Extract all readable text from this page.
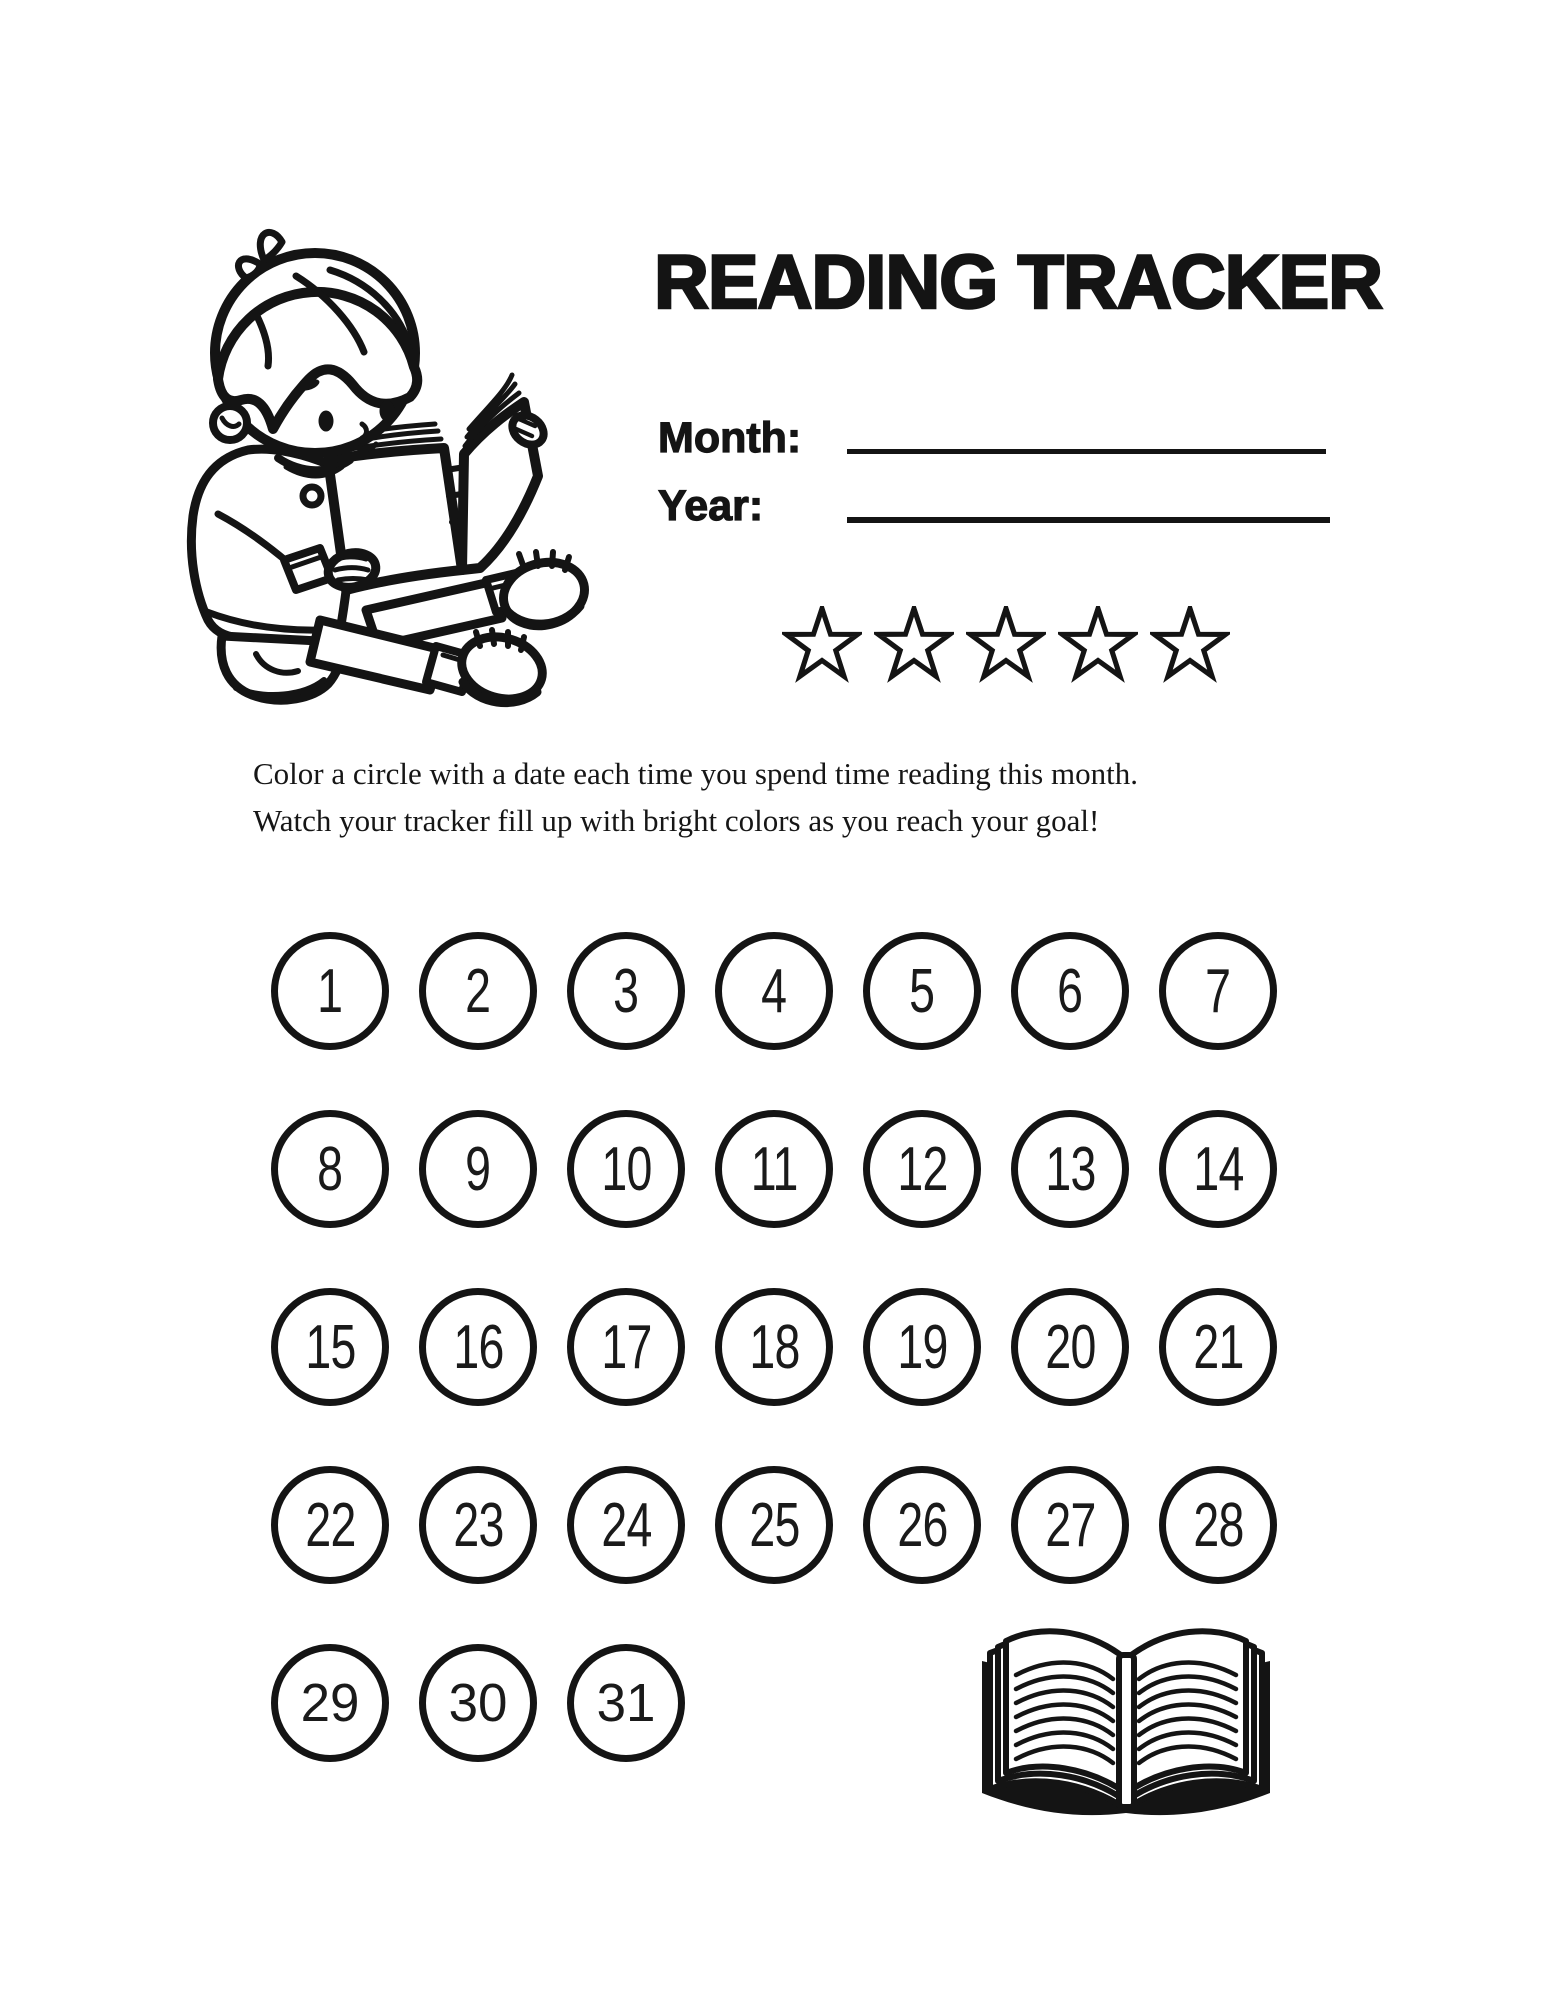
READING TRACKER
Month:
Year:

Color a circle with a date each time you spend time reading this month.
Watch your tracker fill up with bright colors as you reach your goal!

1 2 3 4 5 6 7
8 9 10 11 12 13 14
15 16 17 18 19 20 21
22 23 24 25 26 27 28
29 30 31
